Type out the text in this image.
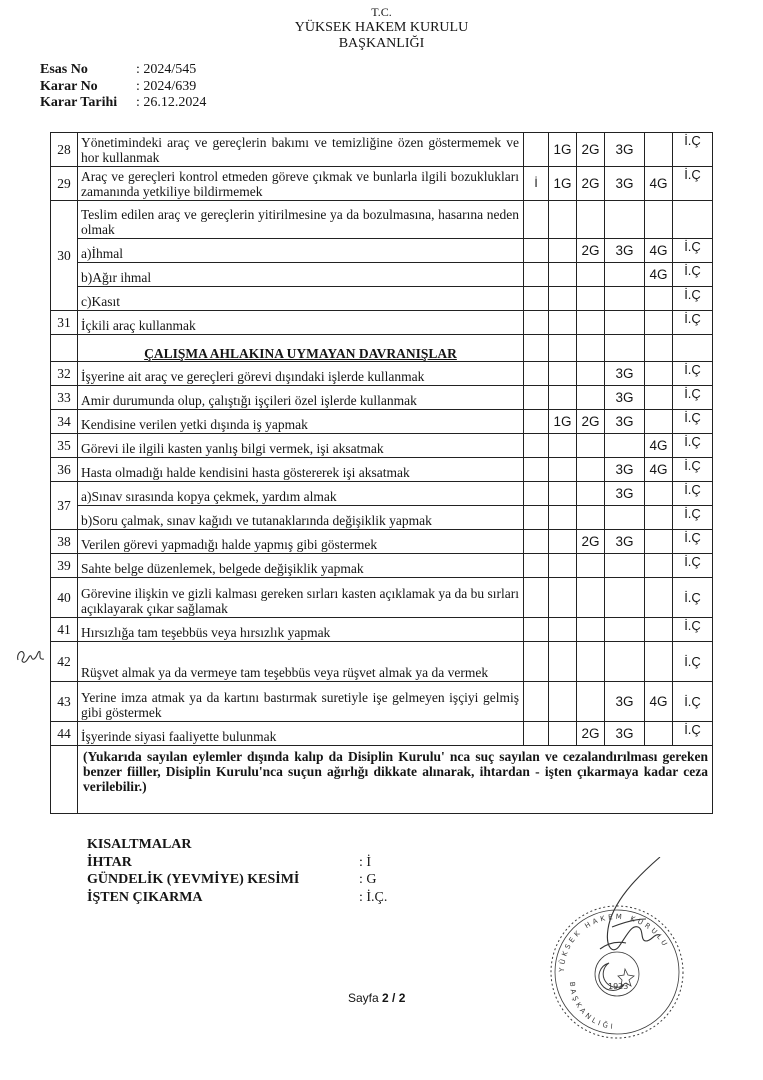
T.C.
YÜKSEK HAKEM KURULU
BAŞKANLIĞI
Esas No	: 2024/545
Karar No	: 2024/639
Karar Tarihi	: 26.12.2024
28	Yönetimindeki araç ve gereçlerin bakımı ve temizliğine özen göstermemek ve hor kullanmak		1G	2G	3G		İ.Ç
29	Araç ve gereçleri kontrol etmeden göreve çıkmak ve bunlarla ilgili bozuklukları zamanında yetkiliye bildirmemek	İ	1G	2G	3G	4G	İ.Ç
30	Teslim edilen araç ve gereçlerin yitirilmesine ya da bozulmasına, hasarına neden olmak						
	a)İhmal			2G	3G	4G	İ.Ç
	b)Ağır ihmal					4G	İ.Ç
	c)Kasıt						İ.Ç
31	İçkili araç kullanmak						İ.Ç
	ÇALIŞMA AHLAKINA UYMAYAN DAVRANIŞLAR						
32	İşyerine ait araç ve gereçleri görevi dışındaki işlerde kullanmak				3G		İ.Ç
33	Amir durumunda olup, çalıştığı işçileri özel işlerde kullanmak				3G		İ.Ç
34	Kendisine verilen yetki dışında iş yapmak		1G	2G	3G		İ.Ç
35	Görevi ile ilgili kasten yanlış bilgi vermek, işi aksatmak					4G	İ.Ç
36	Hasta olmadığı halde kendisini hasta göstererek işi aksatmak				3G	4G	İ.Ç
37	a)Sınav sırasında kopya çekmek, yardım almak				3G		İ.Ç
	b)Soru çalmak, sınav kağıdı ve tutanaklarında değişiklik yapmak						İ.Ç
38	Verilen görevi yapmadığı halde yapmış gibi göstermek			2G	3G		İ.Ç
39	Sahte belge düzenlemek, belgede değişiklik yapmak						İ.Ç
40	Görevine ilişkin ve gizli kalması gereken sırları kasten açıklamak ya da bu sırları açıklayarak çıkar sağlamak						İ.Ç
41	Hırsızlığa tam teşebbüs veya hırsızlık yapmak						İ.Ç
42	Rüşvet almak ya da vermeye tam teşebbüs veya rüşvet almak ya da vermek						İ.Ç
43	Yerine imza atmak ya da kartını bastırmak suretiyle işe gelmeyen işçiyi gelmiş gibi göstermek				3G	4G	İ.Ç
44	İşyerinde siyasi faaliyette bulunmak			2G	3G		İ.Ç
	(Yukarıda sayılan eylemler dışında kalıp da Disiplin Kurulu' nca suç sayılan ve cezalandırılması gereken benzer fiiller, Disiplin Kurulu'nca suçun ağırlığı dikkate alınarak, ihtardan - işten çıkarmaya kadar ceza verilebilir.)						
KISALTMALAR
İHTAR	: İ
GÜNDELİK (YEVMİYE) KESİMİ	: G
İŞTEN ÇIKARMA	: İ.Ç.
Sayfa 2 / 2
YÜKSEK HAKEM KURULU
BAŞKANLIĞI
1923
